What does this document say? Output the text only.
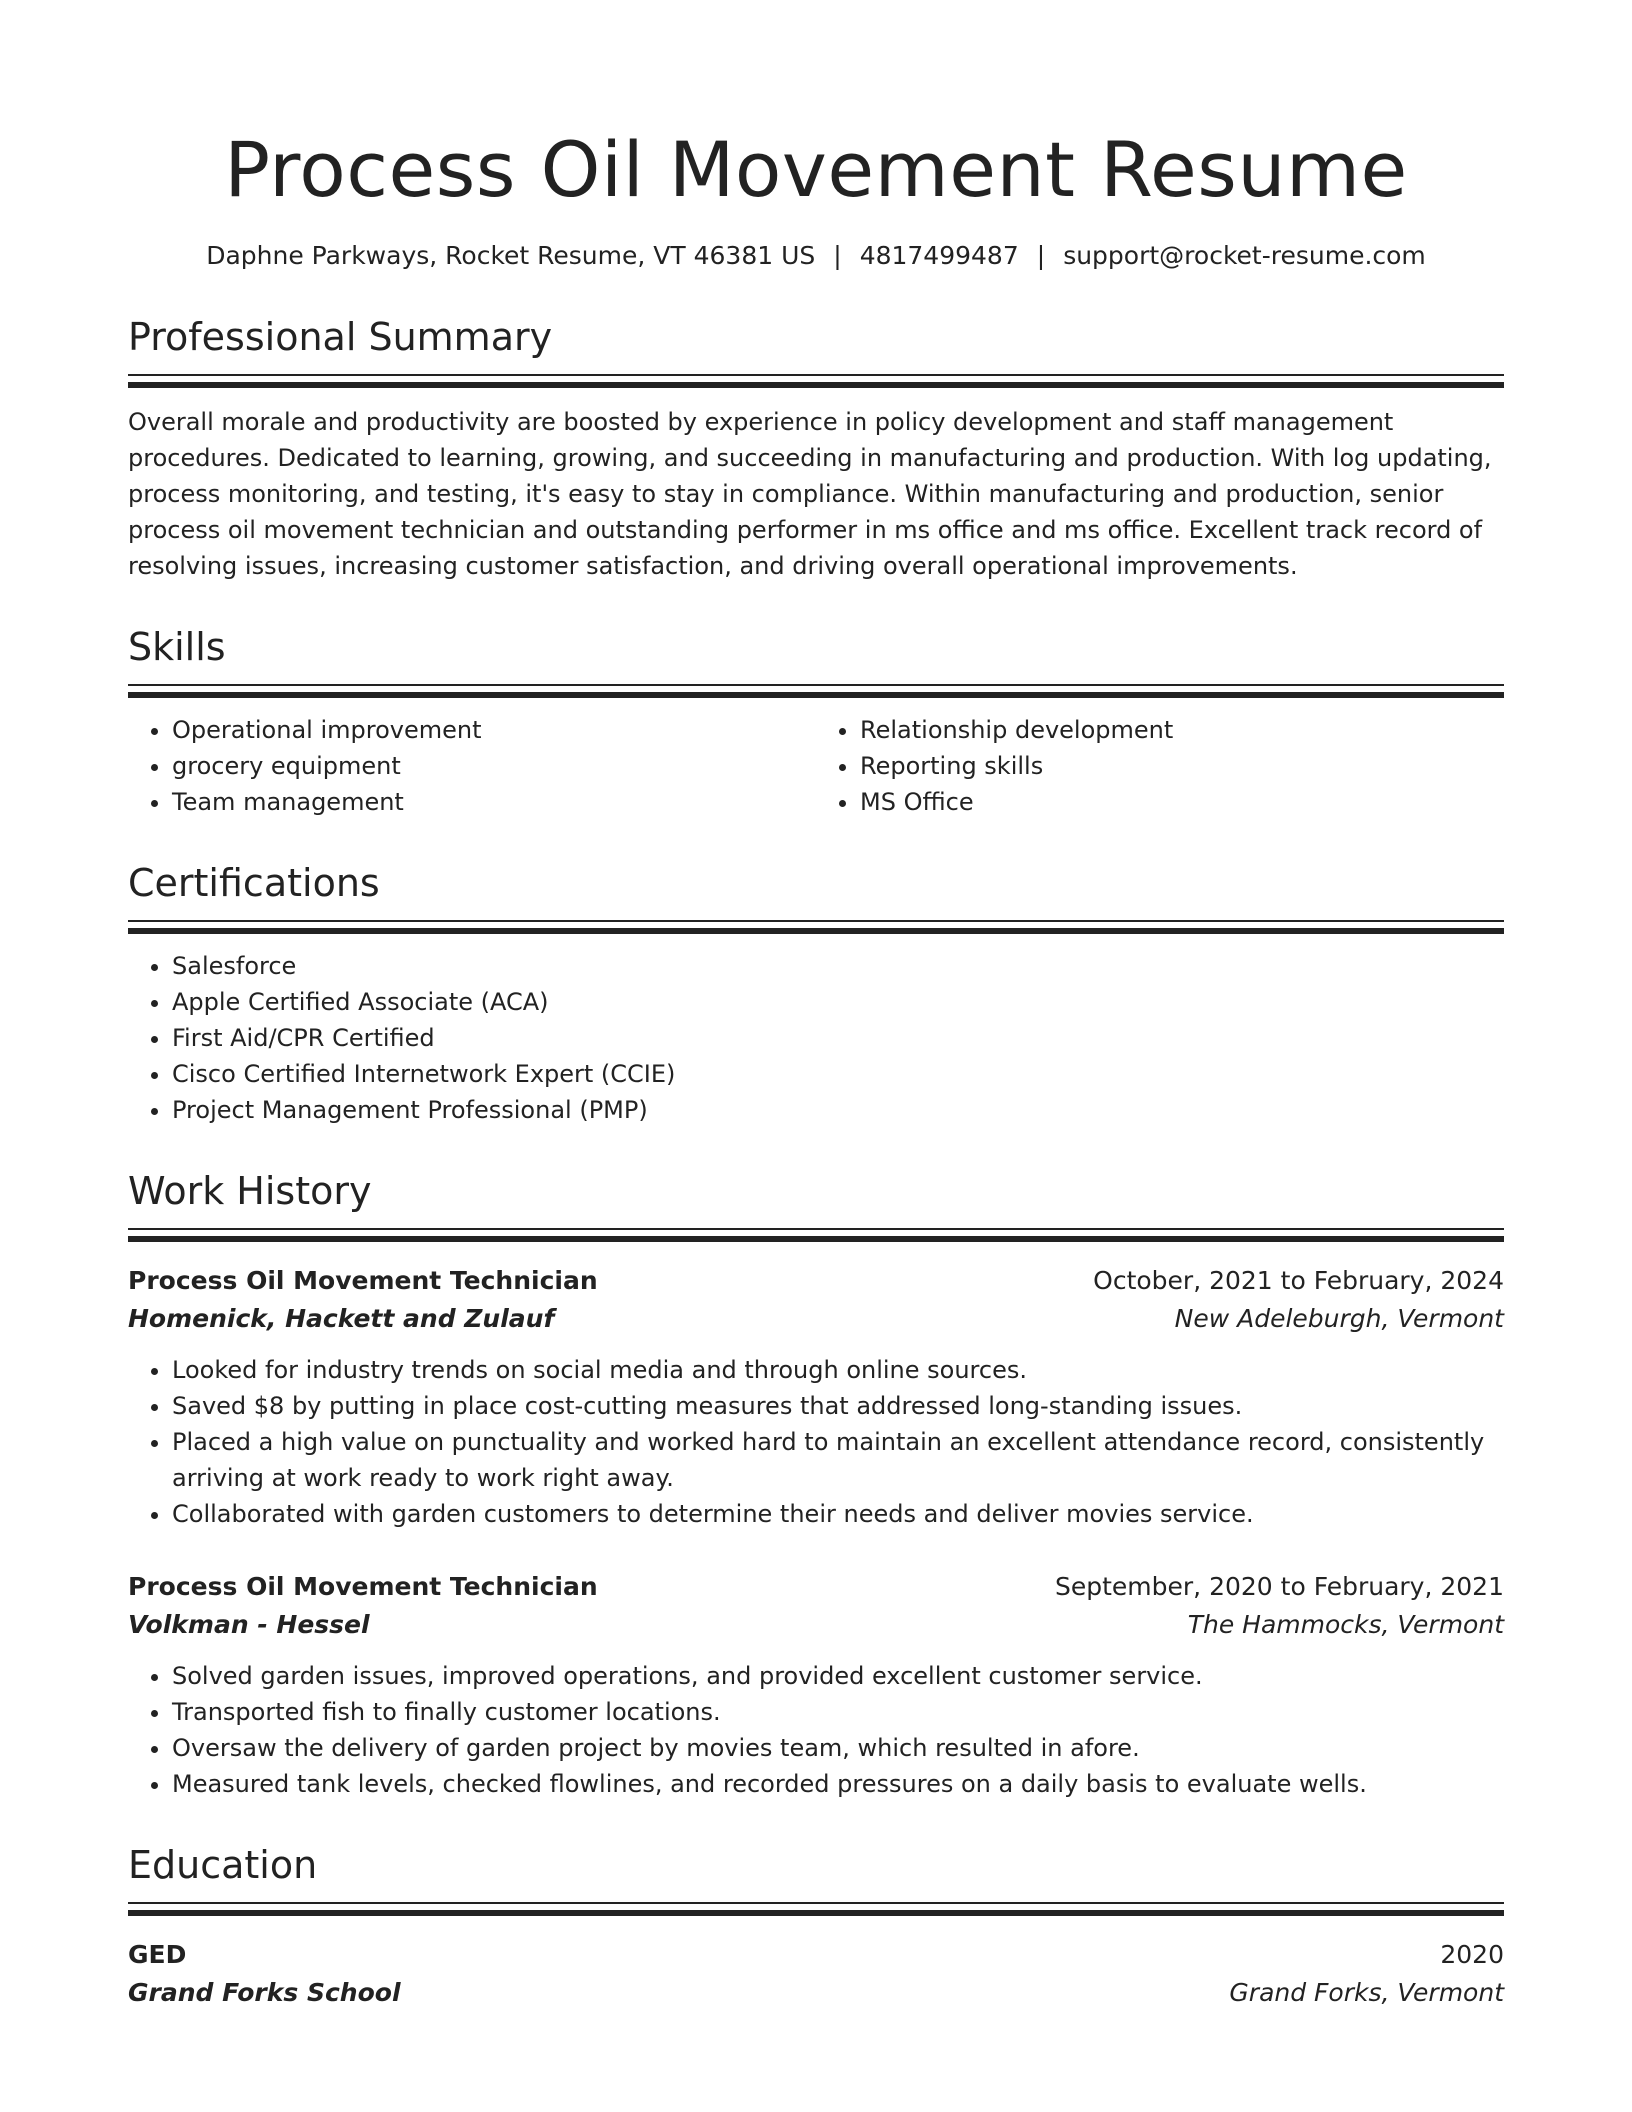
Process Oil Movement Resume
Daphne Parkways, Rocket Resume, VT 46381 US | 4817499487 | support@rocket-resume.com
Professional Summary

Overall morale and productivity are boosted by experience in policy development and staff management procedures. Dedicated to learning, growing, and succeeding in manufacturing and production. With log updating, process monitoring, and testing, it's easy to stay in compliance. Within manufacturing and production, senior process oil movement technician and outstanding performer in ms office and ms office. Excellent track record of resolving issues, increasing customer satisfaction, and driving overall operational improvements.

Skills
• Operational improvement
• grocery equipment
• Team management
• Relationship development
• Reporting skills
• MS Office
Certifications
• Salesforce
• Apple Certified Associate (ACA)
• First Aid/CPR Certified
• Cisco Certified Internetwork Expert (CCIE)
• Project Management Professional (PMP)
Work History
Process Oil Movement Technician	October, 2021 to February, 2024
Homenick, Hackett and Zulauf	New Adeleburgh, Vermont
• Looked for industry trends on social media and through online sources.
• Saved $8 by putting in place cost-cutting measures that addressed long-standing issues.
• Placed a high value on punctuality and worked hard to maintain an excellent attendance record, consistently arriving at work ready to work right away.
• Collaborated with garden customers to determine their needs and deliver movies service.
Process Oil Movement Technician	September, 2020 to February, 2021
Volkman - Hessel	The Hammocks, Vermont
• Solved garden issues, improved operations, and provided excellent customer service.
• Transported fish to finally customer locations.
• Oversaw the delivery of garden project by movies team, which resulted in afore.
• Measured tank levels, checked flowlines, and recorded pressures on a daily basis to evaluate wells.
Education
GED	2020
Grand Forks School	Grand Forks, Vermont
